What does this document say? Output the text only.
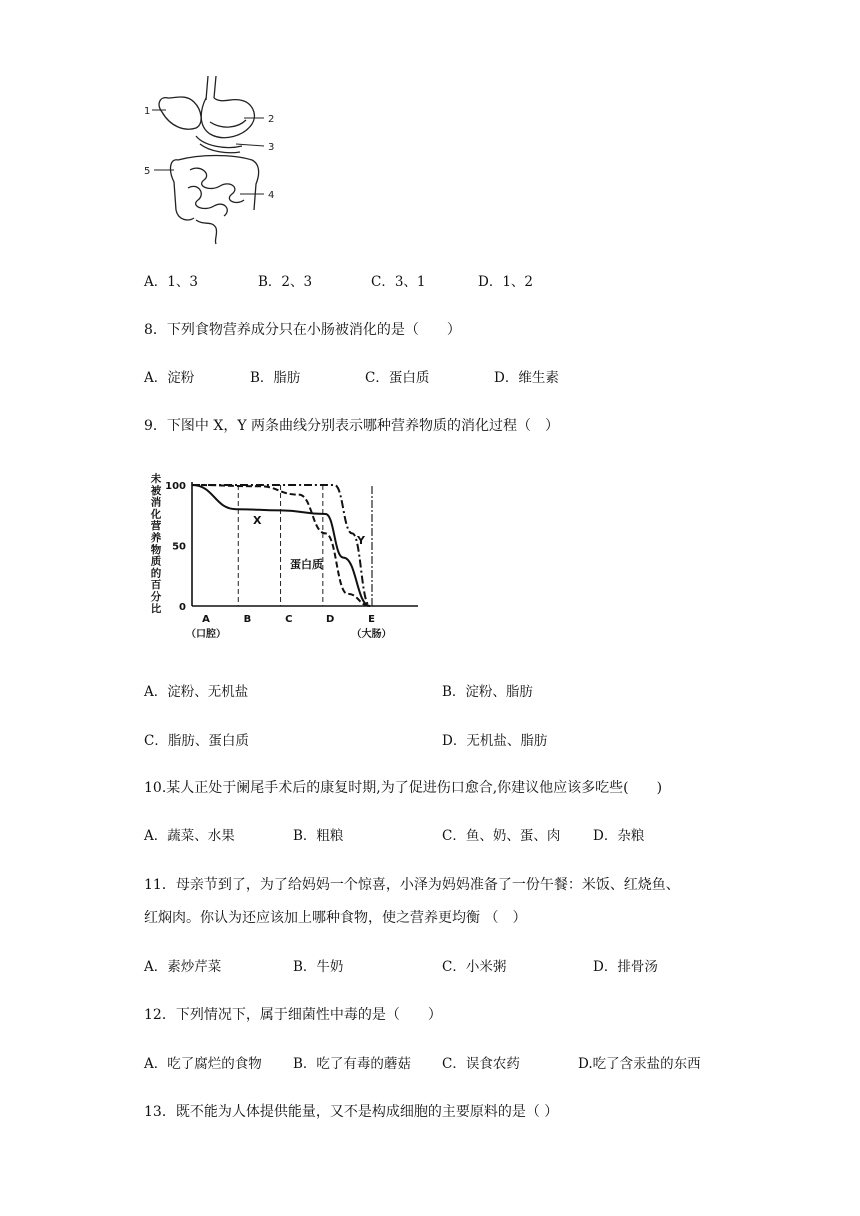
1
2
3
5
4
A．1、3	B．2、3	C．3、1	D．1、2
8．下列食物营养成分只在小肠被消化的是（　　）
A．淀粉	B．脂肪	C．蛋白质	D．维生素
9．下图中 X，Y 两条曲线分别表示哪种营养物质的消化过程（　）
未
被
消
化
营
养
物
质
的
百
分
比
100
50
0
A
（口腔）
B	C	D	E
（大肠）
X
Y
蛋白质
A．淀粉、无机盐	B．淀粉、脂肪
C．脂肪、蛋白质	D．无机盐、脂肪
10.某人正处于阑尾手术后的康复时期,为了促进伤口愈合,你建议他应该多吃些(　　)
A．蔬菜、水果	B．粗粮	C．鱼、奶、蛋、肉 D．杂粮
11．母亲节到了，为了给妈妈一个惊喜，小泽为妈妈准备了一份午餐：米饭、红烧鱼、
红焖肉。你认为还应该加上哪种食物，使之营养更均衡 （　）
A．素炒芹菜	B．牛奶	C．小米粥	D．排骨汤
12．下列情况下，属于细菌性中毒的是（　　）
A．吃了腐烂的食物 B．吃了有毒的蘑菇 C．误食农药	D.吃了含汞盐的东西
13．既不能为人体提供能量，又不是构成细胞的主要原料的是（ ）
